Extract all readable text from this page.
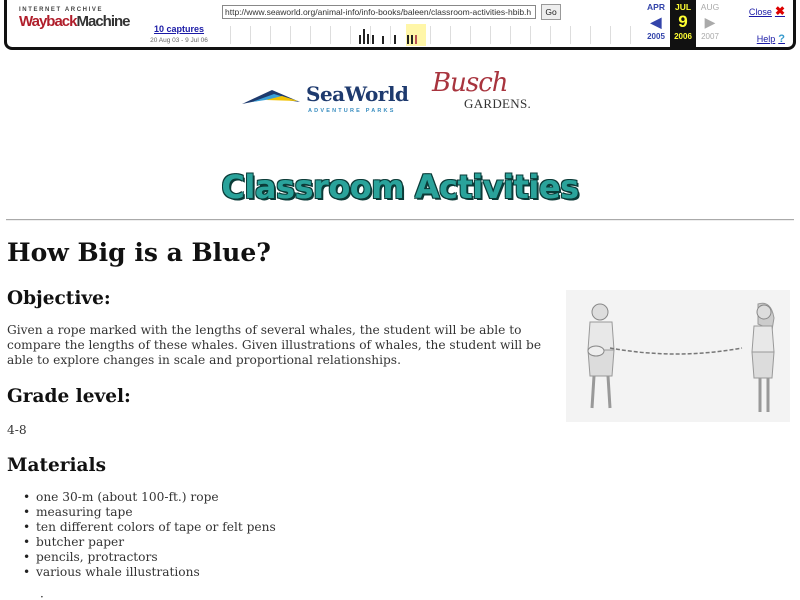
INTERNET ARCHIVE
WaybackMachine	10 captures
20 Aug 03 - 9 Jul 06
http://www.seaworld.org/animal-info/info-books/baleen/classroom-activities-hbib.h	Go	APR
◀
2005
JUL
9
2006
AUG
▶
2007
Close ✖
Help ?
SeaWorld
ADVENTURE PARKS
Busch
GARDENS.
Classroom Activities
How Big is a Blue?
Objective:

Given a rope marked with the lengths of several whales, the student will be able to compare the lengths of these whales. Given illustrations of whales, the student will be able to explore changes in scale and proportional relationships.

Grade level:

4-8

Materials
• one 30-m (about 100-ft.) rope
• measuring tape
• ten different colors of tape or felt pens
• butcher paper
• pencils, protractors
• various whale illustrations
·
